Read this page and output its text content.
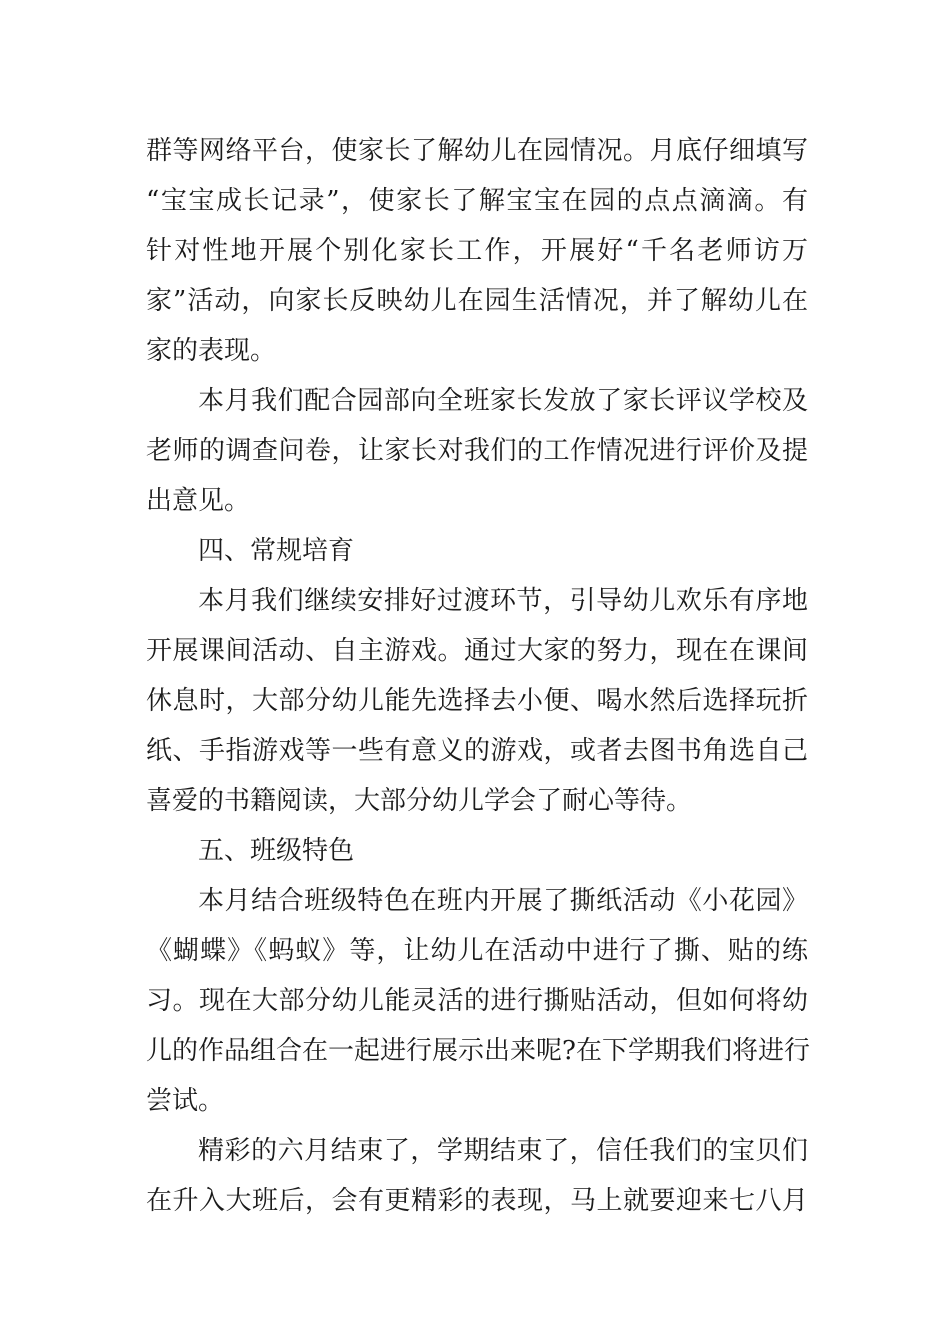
群等网络平台，使家长了解幼儿在园情况。月底仔细填写
“宝宝成长记录”，使家长了解宝宝在园的点点滴滴。有
针对性地开展个别化家长工作，开展好“千名老师访万
家”活动，向家长反映幼儿在园生活情况，并了解幼儿在
家的表现。
本月我们配合园部向全班家长发放了家长评议学校及
老师的调查问卷，让家长对我们的工作情况进行评价及提
出意见。
四、常规培育
本月我们继续安排好过渡环节，引导幼儿欢乐有序地
开展课间活动、自主游戏。通过大家的努力，现在在课间
休息时，大部分幼儿能先选择去小便、喝水然后选择玩折
纸、手指游戏等一些有意义的游戏，或者去图书角选自己
喜爱的书籍阅读，大部分幼儿学会了耐心等待。
五、班级特色
本月结合班级特色在班内开展了撕纸活动《小花园》
《蝴蝶》《蚂蚁》等，让幼儿在活动中进行了撕、贴的练
习。现在大部分幼儿能灵活的进行撕贴活动，但如何将幼
儿的作品组合在一起进行展示出来呢?在下学期我们将进行
尝试。
精彩的六月结束了，学期结束了，信任我们的宝贝们
在升入大班后，会有更精彩的表现，马上就要迎来七八月
